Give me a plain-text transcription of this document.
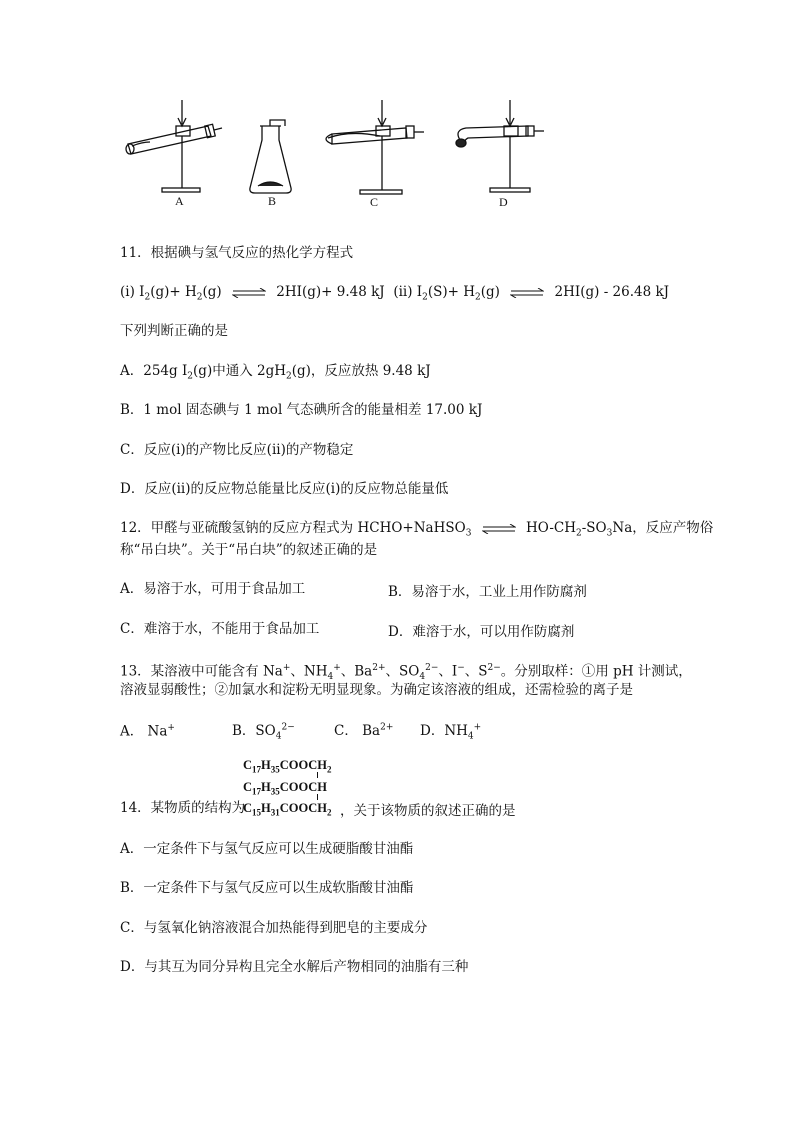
A	B	C	D
11．根据碘与氢气反应的热化学方程式
(i) $I_2(g)+ H_2(g)$ ⇌ 2HI(g)+ 9.48 kJ (ii) $I_2(S)+ H_2(g)$ ⇌ 2HI(g) - 26.48 kJ
下列判断正确的是
A．254g $I_2(g)$中通入 $2gH_2(g)$，反应放热 9.48 kJ
B．1 mol 固态碘与 1 mol 气态碘所含的能量相差 17.00 kJ
C．反应(i)的产物比反应(ii)的产物稳定
D．反应(ii)的反应物总能量比反应(i)的反应物总能量低
12．甲醛与亚硫酸氢钠的反应方程式为 HCHO+NaHSO$_3$ ⇌ $HO-CH_2-SO_3Na$，反应产物俗
称“吊白块”。关于“吊白块”的叙述正确的是
A．易溶于水，可用于食品加工	B．易溶于水，工业上用作防腐剂
C．难溶于水，不能用于食品加工	D．难溶于水，可以用作防腐剂
13．某溶液中可能含有 Na+、$NH_4^+$、$Ba^{2+}$、$SO_4^{2-}$、I−、$S^{2-}$。分别取样：①用 pH 计测试，
溶液显弱酸性；②加氯水和淀粉无明显现象。为确定该溶液的组成，还需检验的离子是
A． Na+	B．$SO_4^{2-}$	C． $Ba^{2+}$ D．$NH_4^+$
$C_{17}H_{35}COOCH_2$
$C_{17}H_{35}COOCH$
$C_{15}H_{31}COOCH_2$
14．某物质的结构为	，关于该物质的叙述正确的是
A．一定条件下与氢气反应可以生成硬脂酸甘油酯
B．一定条件下与氢气反应可以生成软脂酸甘油酯
C．与氢氧化钠溶液混合加热能得到肥皂的主要成分
D．与其互为同分异构且完全水解后产物相同的油脂有三种
